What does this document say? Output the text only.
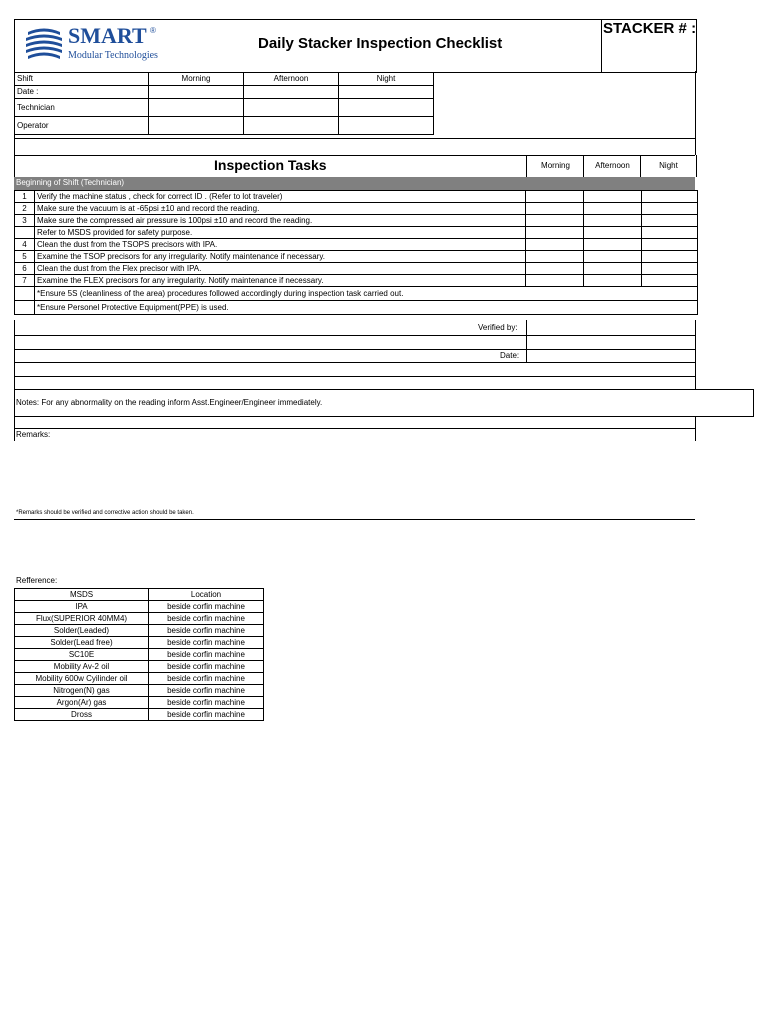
STACKER # :
SMART ®
Modular Technologies
Daily Stacker Inspection Checklist
Shift	Morning	Afternoon	Night
Date :			
Technician			
Operator			
Inspection Tasks	Morning	Afternoon	Night
Beginning of Shift (Technician)
1	Verify the machine status , check for correct ID . (Refer to lot traveler)			
2	Make sure the vacuum is at -65psi ±10 and record the reading.			
3	Make sure the compressed air pressure is 100psi ±10 and record the reading.			
	Refer to MSDS provided for safety purpose.			
4	Clean the dust from the TSOPS precisors with IPA.			
5	Examine the TSOP precisors for any irregularity. Notify maintenance if necessary.			
6	Clean the dust from the Flex precisor with IPA.			
7	Examine the FLEX precisors for any irregularity. Notify maintenance if necessary.			
	*Ensure 5S (cleanliness of the area) procedures followed accordingly during inspection task carried out.			
	*Ensure Personel Protective Equipment(PPE) is used.			
Verified by:
Date:
Notes: For any abnormality on the reading inform Asst.Engineer/Engineer immediately.
Remarks:
*Remarks should be verified and corrective action should be taken.
Refference:
MSDS	Location
IPA	beside corfin machine
Flux(SUPERIOR 40MM4)	beside corfin machine
Solder(Leaded)	beside corfin machine
Solder(Lead free)	beside corfin machine
SC10E	beside corfin machine
Mobility Av-2 oil	beside corfin machine
Mobility 600w Cyilinder oil	beside corfin machine
Nitrogen(N) gas	beside corfin machine
Argon(Ar) gas	beside corfin machine
Dross	beside corfin machine
